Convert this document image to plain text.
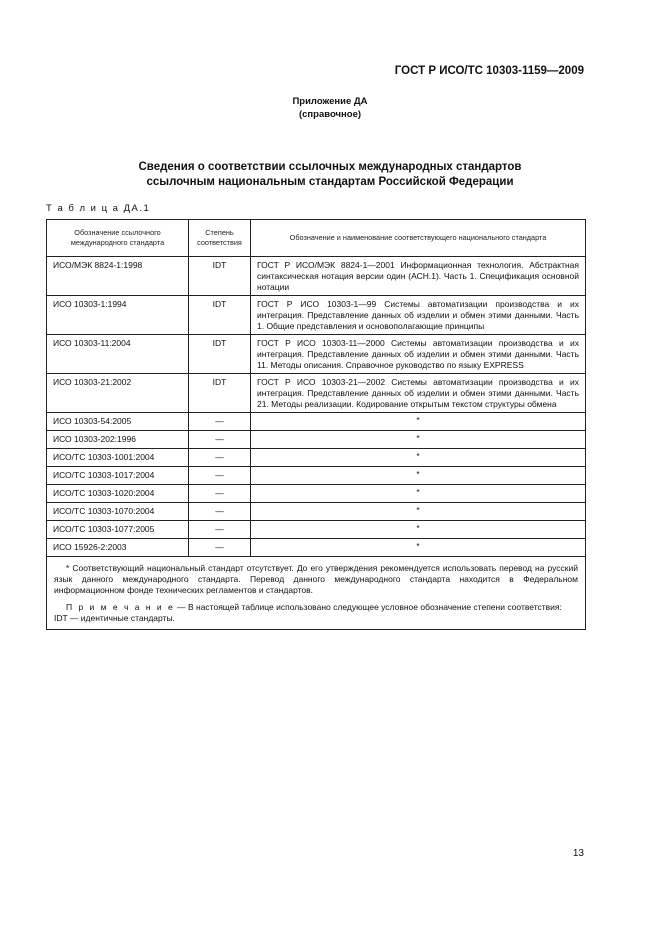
ГОСТ Р ИСО/ТС 10303-1159—2009
Приложение ДА
(справочное)
Сведения о соответствии ссылочных международных стандартов
ссылочным национальным стандартам Российской Федерации
Т а б л и ц а ДА.1
Обозначение ссылочного международного стандарта	Степень соответствия	Обозначение и наименование соответствующего национального стандарта
ИСО/МЭК 8824-1:1998	IDT	ГОСТ Р ИСО/МЭК 8824-1—2001 Информационная технология. Абстрактная синтаксическая нотация версии один (АСН.1). Часть 1. Спецификация основной нотации
ИСО 10303-1:1994	IDT	ГОСТ Р ИСО 10303-1—99 Системы автоматизации производства и их интеграция. Представление данных об изделии и обмен этими данными. Часть 1. Общие представления и основополагающие принципы
ИСО 10303-11:2004	IDT	ГОСТ Р ИСО 10303-11—2000 Системы автоматизации производства и их интеграция. Представление данных об изделии и обмен этими данными. Часть 11. Методы описания. Справочное руководство по языку EXPRESS
ИСО 10303-21:2002	IDT	ГОСТ Р ИСО 10303-21—2002 Системы автоматизации производства и их интеграция. Представление данных об изделии и обмен этими данными. Часть 21. Методы реализации. Кодирование открытым текстом структуры обмена
ИСО 10303-54:2005	—	*
ИСО 10303-202:1996	—	*
ИСО/ТС 10303-1001:2004	—	*
ИСО/ТС 10303-1017:2004	—	*
ИСО/ТС 10303-1020:2004	—	*
ИСО/ТС 10303-1070:2004	—	*
ИСО/ТС 10303-1077:2005	—	*
ИСО 15926-2:2003	—	*

* Соответствующий национальный стандарт отсутствует. До его утверждения рекомендуется использовать перевод на русский язык данного международного стандарта. Перевод данного международного стандарта находится в Федеральном информационном фонде технических регламентов и стандартов.

П р и м е ч а н и е — В настоящей таблице использовано следующее условное обозначение степени соответствия:

IDT — идентичные стандарты.		

13
